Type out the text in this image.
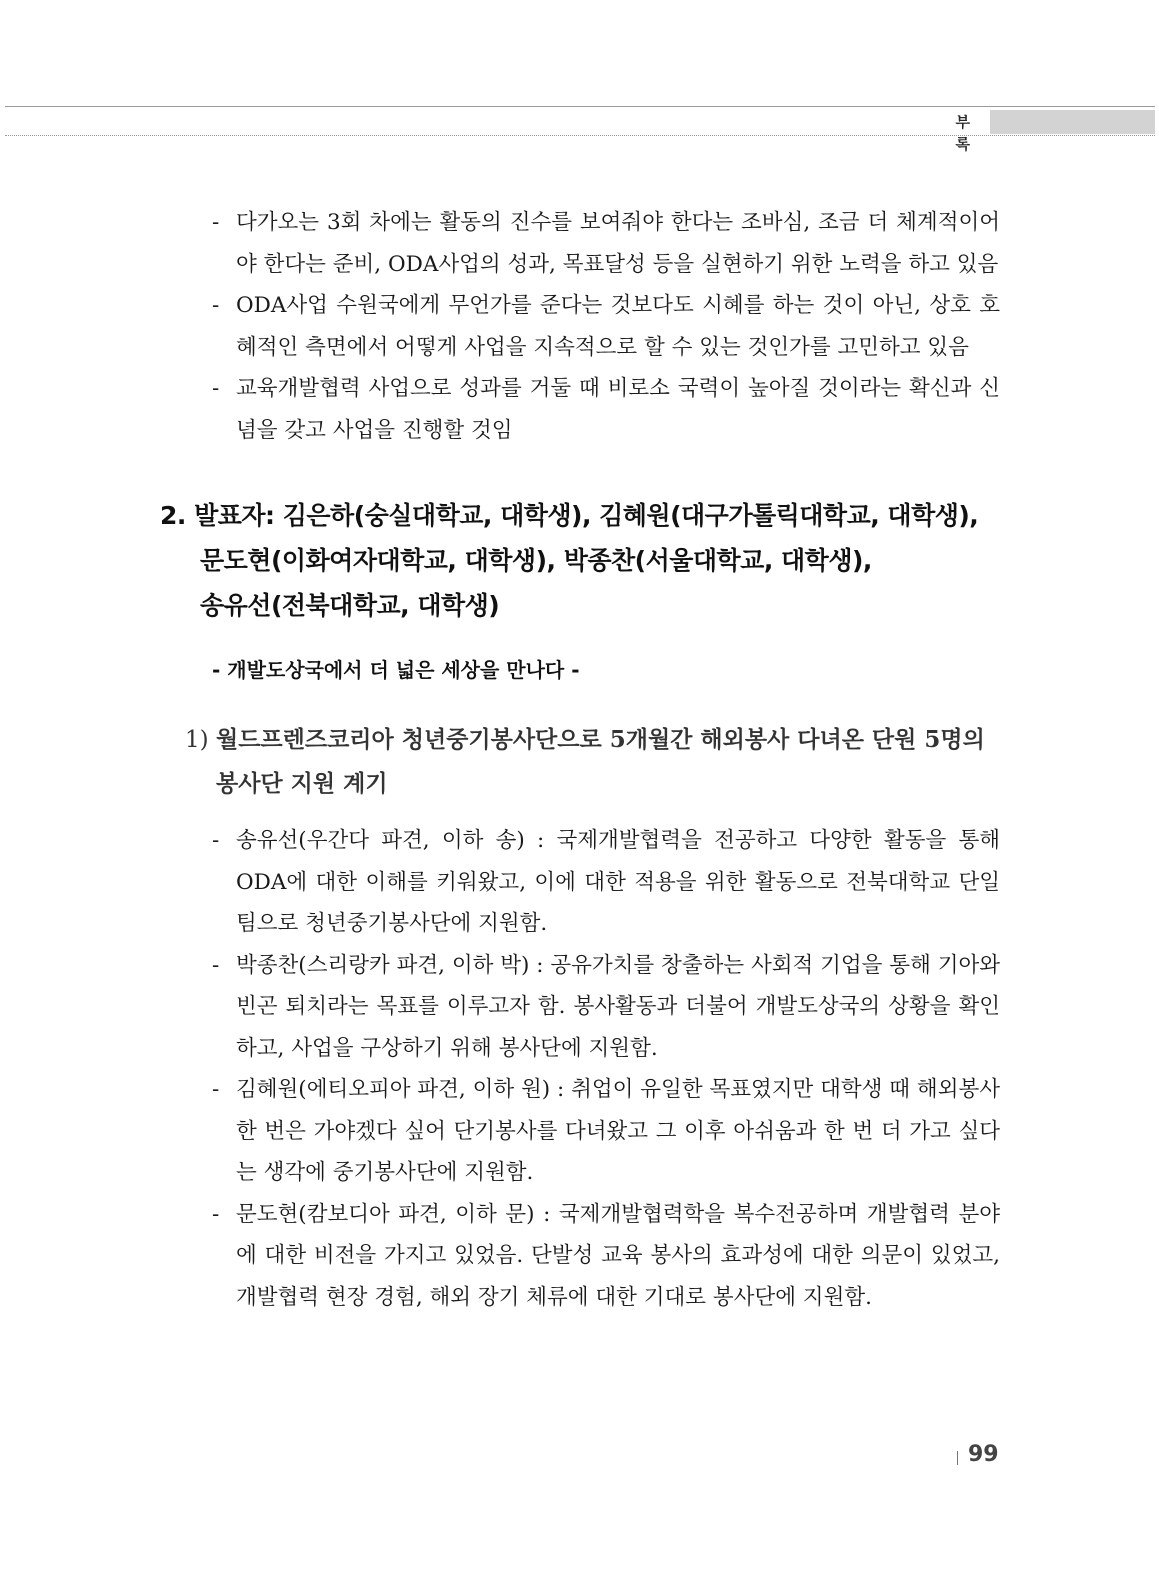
부 록
- 다가오는 3회 차에는 활동의 진수를 보여줘야 한다는 조바심, 조금 더 체계적이어야 한다는 준비, ODA사업의 성과, 목표달성 등을 실현하기 위한 노력을 하고 있음
- ODA사업 수원국에게 무언가를 준다는 것보다도 시혜를 하는 것이 아닌, 상호 호혜적인 측면에서 어떻게 사업을 지속적으로 할 수 있는 것인가를 고민하고 있음
- 교육개발협력 사업으로 성과를 거둘 때 비로소 국력이 높아질 것이라는 확신과 신념을 갖고 사업을 진행할 것임
2. 발표자: 김은하(숭실대학교, 대학생), 김혜원(대구가톨릭대학교, 대학생),
문도현(이화여자대학교, 대학생), 박종찬(서울대학교, 대학생),
송유선(전북대학교, 대학생)
- 개발도상국에서 더 넓은 세상을 만나다 -
1) 월드프렌즈코리아 청년중기봉사단으로 5개월간 해외봉사 다녀온 단원 5명의 봉사단 지원 계기
- 송유선(우간다 파견, 이하 송) : 국제개발협력을 전공하고 다양한 활동을 통해 ODA에 대한 이해를 키워왔고, 이에 대한 적용을 위한 활동으로 전북대학교 단일팀으로 청년중기봉사단에 지원함.
- 박종찬(스리랑카 파견, 이하 박) : 공유가치를 창출하는 사회적 기업을 통해 기아와 빈곤 퇴치라는 목표를 이루고자 함. 봉사활동과 더불어 개발도상국의 상황을 확인하고, 사업을 구상하기 위해 봉사단에 지원함.
- 김혜원(에티오피아 파견, 이하 원) : 취업이 유일한 목표였지만 대학생 때 해외봉사 한 번은 가야겠다 싶어 단기봉사를 다녀왔고 그 이후 아쉬움과 한 번 더 가고 싶다는 생각에 중기봉사단에 지원함.
- 문도현(캄보디아 파견, 이하 문) : 국제개발협력학을 복수전공하며 개발협력 분야에 대한 비전을 가지고 있었음. 단발성 교육 봉사의 효과성에 대한 의문이 있었고, 개발협력 현장 경험, 해외 장기 체류에 대한 기대로 봉사단에 지원함.
99
